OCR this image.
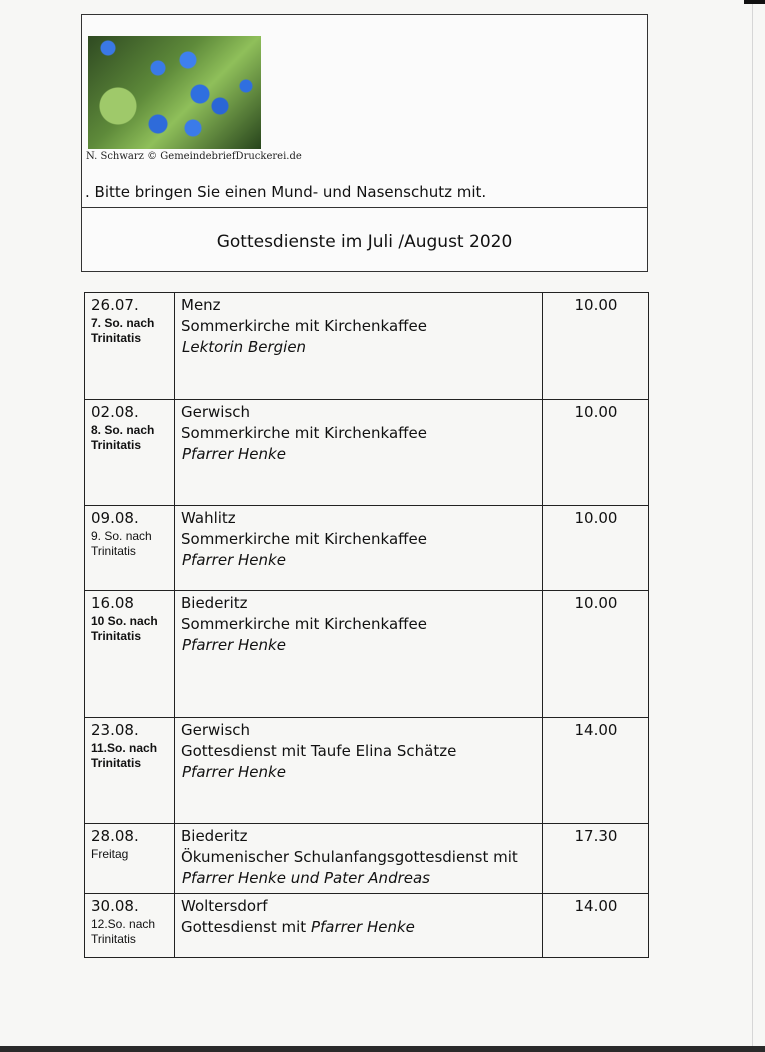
N. Schwarz © GemeindebriefDruckerei.de
. Bitte bringen Sie einen Mund- und Nasenschutz mit.
Gottesdienste im Juli /August 2020
26.07.
7. So. nach Trinitatis
Menz
Sommerkirche mit Kirchenkaffee
Lektorin Bergien
10.00
02.08.
8. So. nach Trinitatis
Gerwisch
Sommerkirche mit Kirchenkaffee
Pfarrer Henke
10.00
09.08.
9. So. nach Trinitatis
Wahlitz
Sommerkirche mit Kirchenkaffee
Pfarrer Henke
10.00
16.08
10 So. nach Trinitatis
Biederitz
Sommerkirche mit Kirchenkaffee
Pfarrer Henke
10.00
23.08.
11.So. nach Trinitatis
Gerwisch
Gottesdienst mit Taufe Elina Schätze
Pfarrer Henke
14.00
28.08.
Freitag
Biederitz
Ökumenischer Schulanfangsgottesdienst mit
Pfarrer Henke und Pater Andreas
17.30
30.08.
12.So. nach Trinitatis
Woltersdorf
Gottesdienst mit Pfarrer Henke
14.00
